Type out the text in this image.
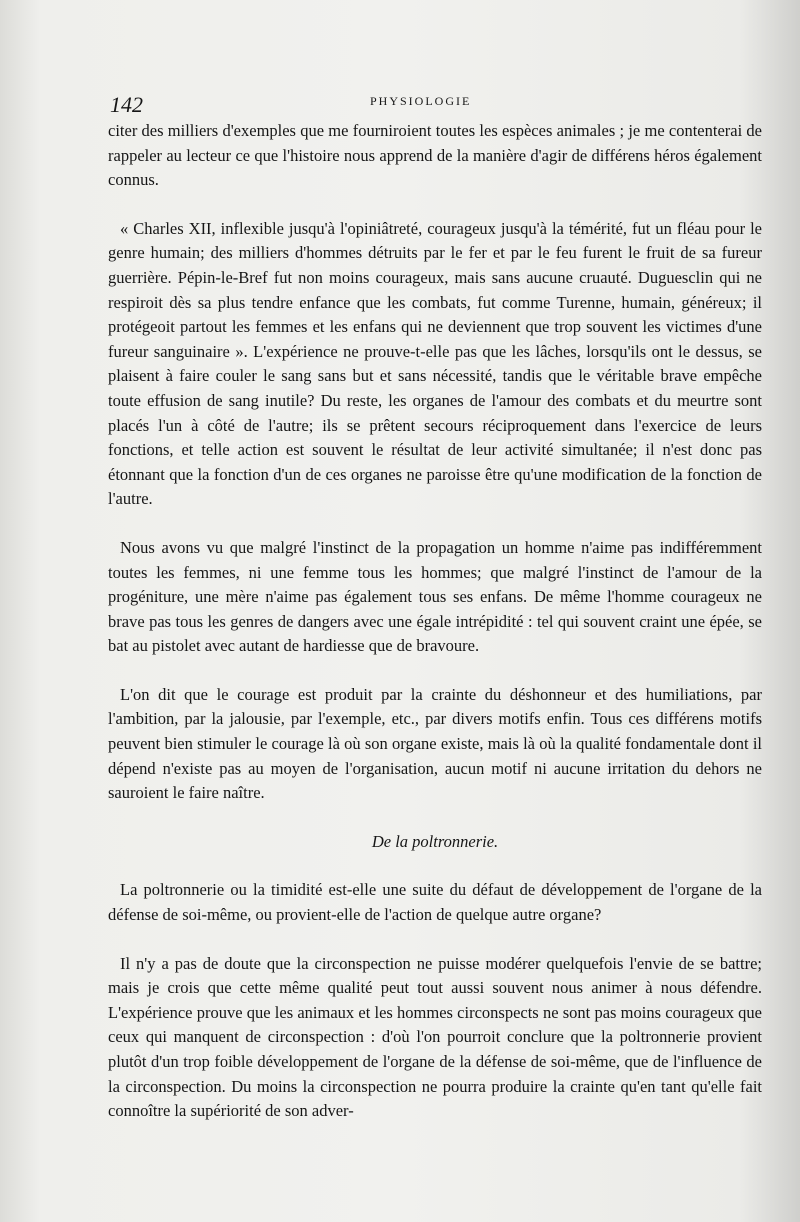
142	PHYSIOLOGIE

citer des milliers d'exemples que me fourniroient toutes les espèces animales ; je me contenterai de rappeler au lecteur ce que l'histoire nous apprend de la manière d'agir de différens héros également connus.

« Charles XII, inflexible jusqu'à l'opiniâtreté, courageux jusqu'à la témérité, fut un fléau pour le genre humain; des milliers d'hommes détruits par le fer et par le feu furent le fruit de sa fureur guerrière. Pépin-le-Bref fut non moins courageux, mais sans aucune cruauté. Duguesclin qui ne respiroit dès sa plus tendre enfance que les combats, fut comme Turenne, humain, généreux; il protégeoit partout les femmes et les enfans qui ne deviennent que trop souvent les victimes d'une fureur sanguinaire ». L'expérience ne prouve-t-elle pas que les lâches, lorsqu'ils ont le dessus, se plaisent à faire couler le sang sans but et sans nécessité, tandis que le véritable brave empêche toute effusion de sang inutile? Du reste, les organes de l'amour des combats et du meurtre sont placés l'un à côté de l'autre; ils se prêtent secours réciproquement dans l'exercice de leurs fonctions, et telle action est souvent le résultat de leur activité simultanée; il n'est donc pas étonnant que la fonction d'un de ces organes ne paroisse être qu'une modification de la fonction de l'autre.

Nous avons vu que malgré l'instinct de la propagation un homme n'aime pas indifféremment toutes les femmes, ni une femme tous les hommes; que malgré l'instinct de l'amour de la progéniture, une mère n'aime pas également tous ses enfans. De même l'homme courageux ne brave pas tous les genres de dangers avec une égale intrépidité : tel qui souvent craint une épée, se bat au pistolet avec autant de hardiesse que de bravoure.

L'on dit que le courage est produit par la crainte du déshonneur et des humiliations, par l'ambition, par la jalousie, par l'exemple, etc., par divers motifs enfin. Tous ces différens motifs peuvent bien stimuler le courage là où son organe existe, mais là où la qualité fondamentale dont il dépend n'existe pas au moyen de l'organisation, aucun motif ni aucune irritation du dehors ne sauroient le faire naître.

De la poltronnerie.

La poltronnerie ou la timidité est-elle une suite du défaut de développement de l'organe de la défense de soi-même, ou provient-elle de l'action de quelque autre organe?

Il n'y a pas de doute que la circonspection ne puisse modérer quelquefois l'envie de se battre; mais je crois que cette même qualité peut tout aussi souvent nous animer à nous défendre. L'expérience prouve que les animaux et les hommes circonspects ne sont pas moins courageux que ceux qui manquent de circonspection : d'où l'on pourroit conclure que la poltronnerie provient plutôt d'un trop foible développement de l'organe de la défense de soi-même, que de l'influence de la circonspection. Du moins la circonspection ne pourra produire la crainte qu'en tant qu'elle fait connoître la supériorité de son adver-
